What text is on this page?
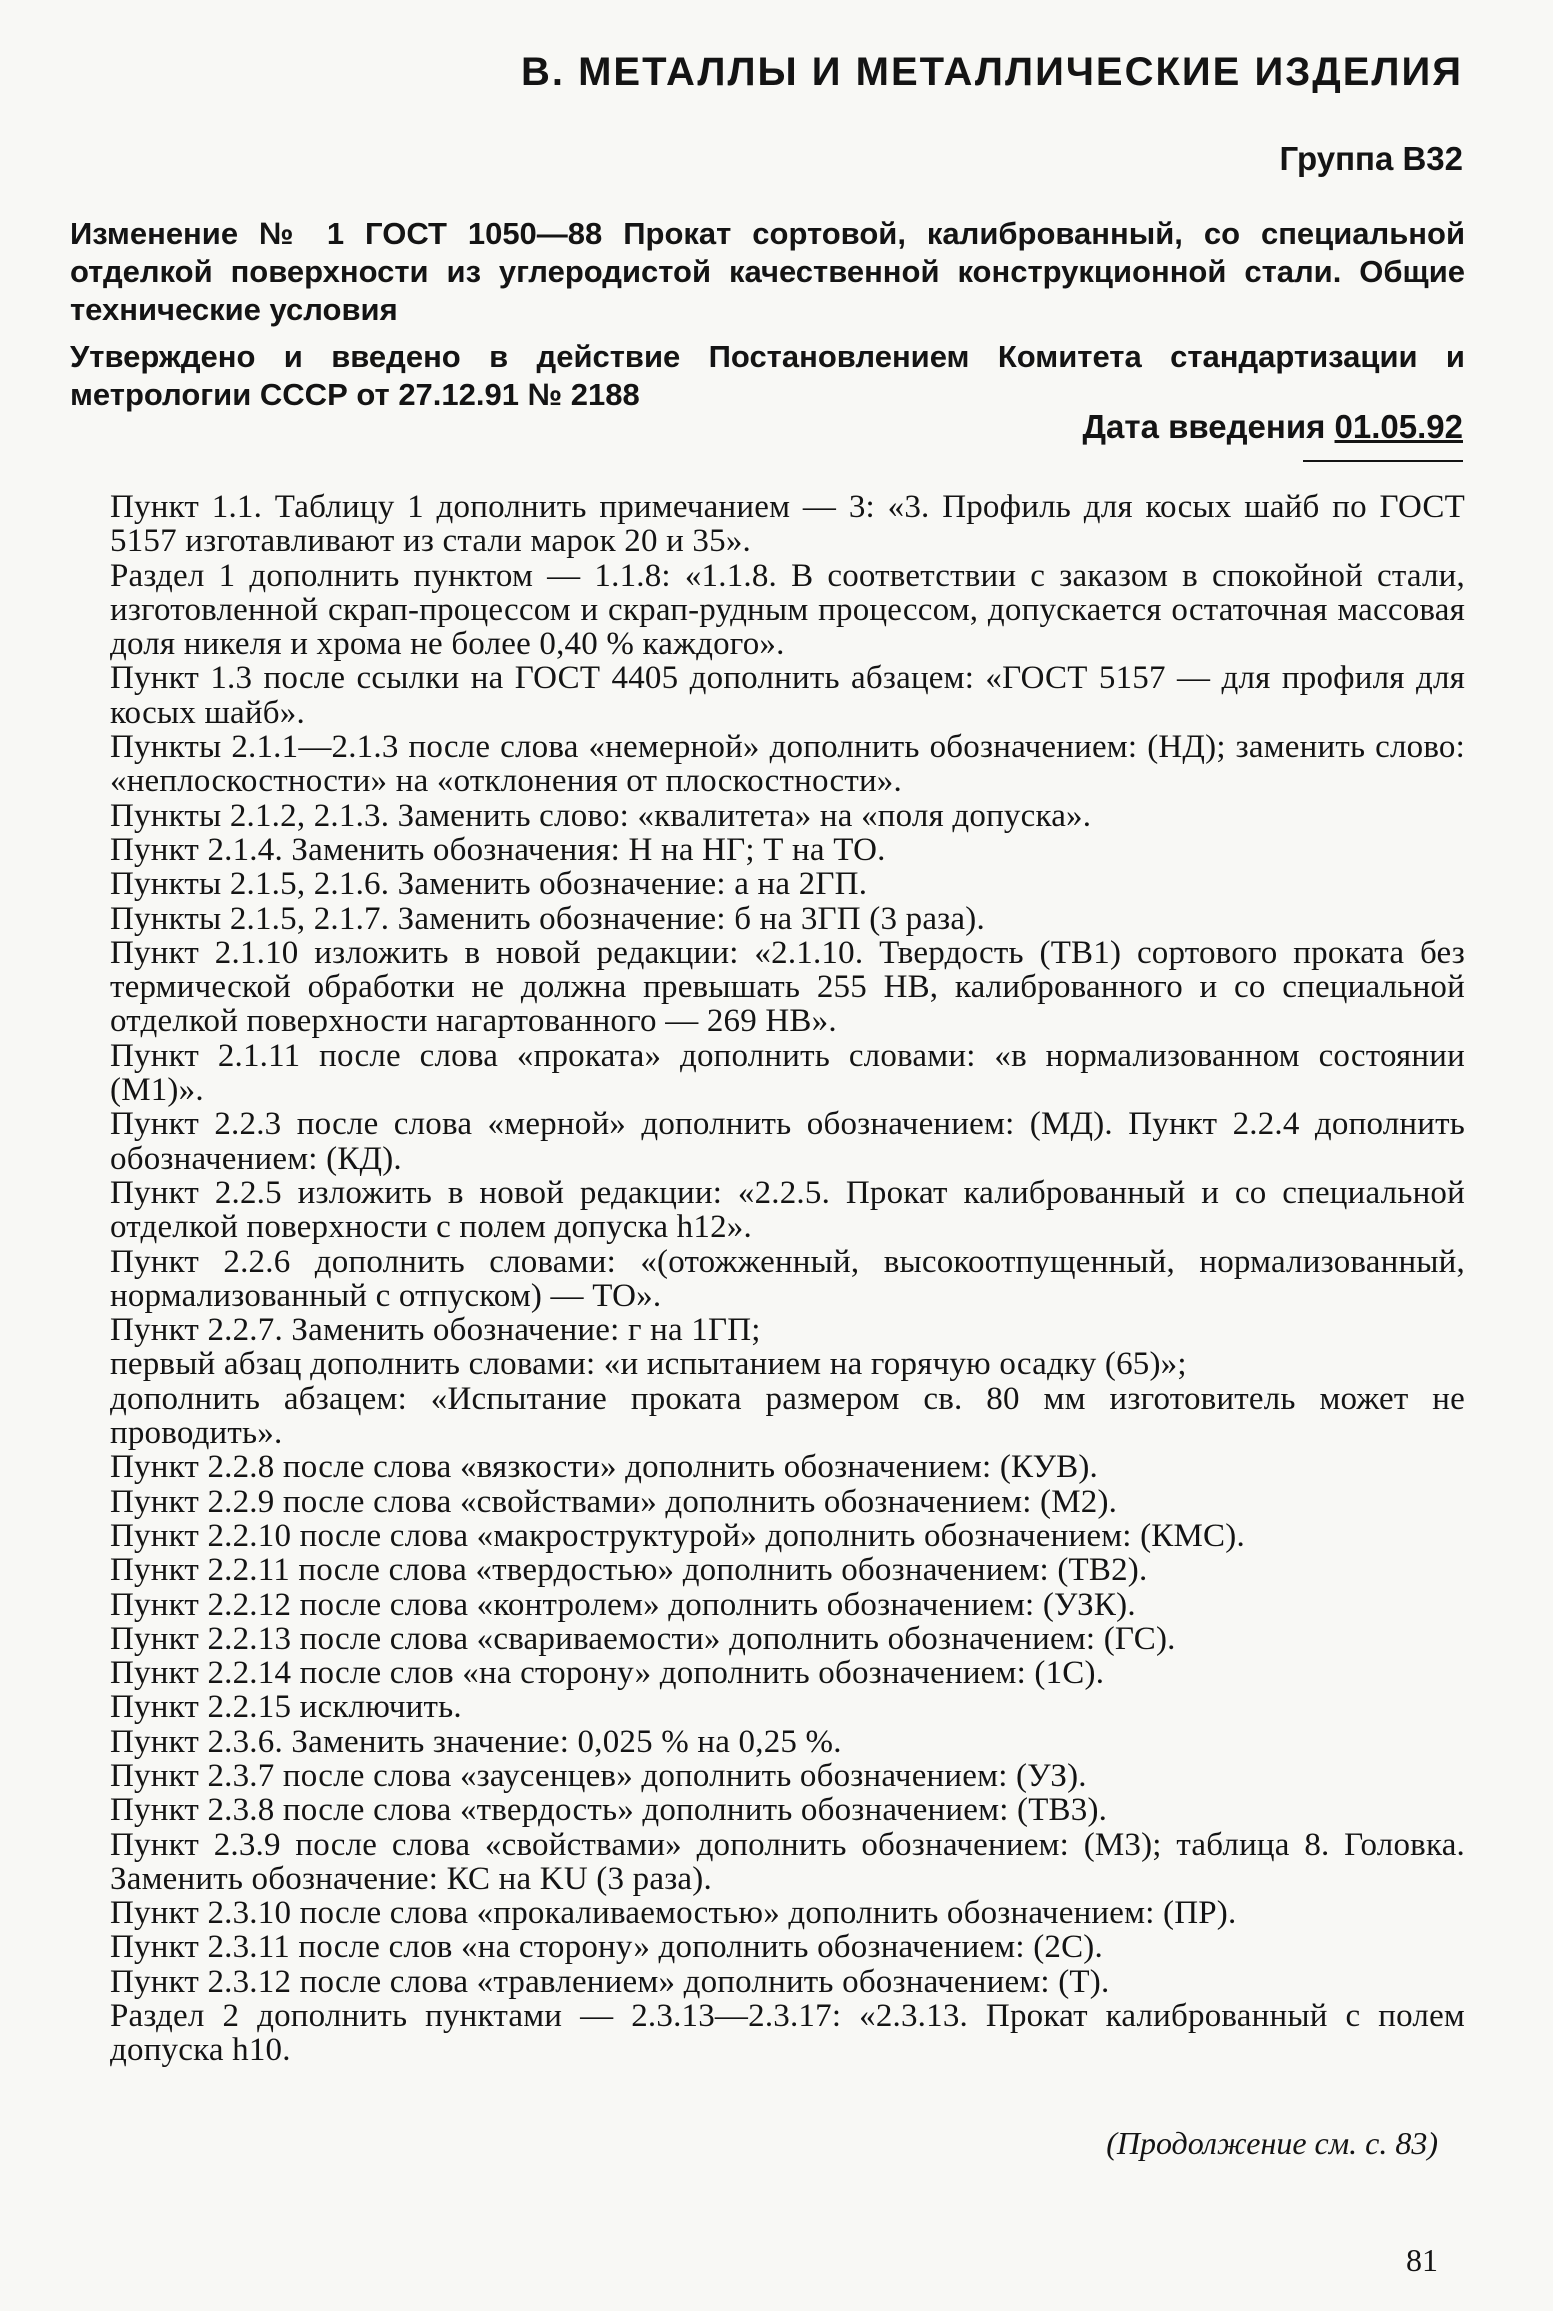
В. МЕТАЛЛЫ И МЕТАЛЛИЧЕСКИЕ ИЗДЕЛИЯ
Группа В32
Изменение № 1 ГОСТ 1050—88 Прокат сортовой, калиброванный, со специальной отделкой поверхности из углеродистой качественной конструкционной стали. Общие технические условия
Утверждено и введено в действие Постановлением Комитета стандартизации и метрологии СССР от 27.12.91 № 2188
Дата введения 01.05.92

Пункт 1.1. Таблицу 1 дополнить примечанием — 3: «3. Профиль для косых шайб по ГОСТ 5157 изготавливают из стали марок 20 и 35».

Раздел 1 дополнить пунктом — 1.1.8: «1.1.8. В соответствии с заказом в спокойной стали, изготовленной скрап-процессом и скрап-рудным процессом, допускается остаточная массовая доля никеля и хрома не более 0,40 % каждого».

Пункт 1.3 после ссылки на ГОСТ 4405 дополнить абзацем: «ГОСТ 5157 — для профиля для косых шайб».

Пункты 2.1.1—2.1.3 после слова «немерной» дополнить обозначением: (НД); заменить слово: «неплоскостности» на «отклонения от плоскостности».

Пункты 2.1.2, 2.1.3. Заменить слово: «квалитета» на «поля допуска».

Пункт 2.1.4. Заменить обозначения: Н на НГ; Т на ТО.

Пункты 2.1.5, 2.1.6. Заменить обозначение: а на 2ГП.

Пункты 2.1.5, 2.1.7. Заменить обозначение: б на 3ГП (3 раза).

Пункт 2.1.10 изложить в новой редакции: «2.1.10. Твердость (ТВ1) сортового проката без термической обработки не должна превышать 255 НВ, калиброванного и со специальной отделкой поверхности нагартованного — 269 НВ».

Пункт 2.1.11 после слова «проката» дополнить словами: «в нормализованном состоянии (М1)».

Пункт 2.2.3 после слова «мерной» дополнить обозначением: (МД). Пункт 2.2.4 дополнить обозначением: (КД).

Пункт 2.2.5 изложить в новой редакции: «2.2.5. Прокат калиброванный и со специальной отделкой поверхности с полем допуска h12».

Пункт 2.2.6 дополнить словами: «(отожженный, высокоотпущенный, нормализованный, нормализованный с отпуском) — ТО».

Пункт 2.2.7. Заменить обозначение: г на 1ГП;

первый абзац дополнить словами: «и испытанием на горячую осадку (65)»;

дополнить абзацем: «Испытание проката размером св. 80 мм изготовитель может не проводить».

Пункт 2.2.8 после слова «вязкости» дополнить обозначением: (КУВ).

Пункт 2.2.9 после слова «свойствами» дополнить обозначением: (М2).

Пункт 2.2.10 после слова «макроструктурой» дополнить обозначением: (КМС).

Пункт 2.2.11 после слова «твердостью» дополнить обозначением: (ТВ2).

Пункт 2.2.12 после слова «контролем» дополнить обозначением: (УЗК).

Пункт 2.2.13 после слова «свариваемости» дополнить обозначением: (ГС).

Пункт 2.2.14 после слов «на сторону» дополнить обозначением: (1С).

Пункт 2.2.15 исключить.

Пункт 2.3.6. Заменить значение: 0,025 % на 0,25 %.

Пункт 2.3.7 после слова «заусенцев» дополнить обозначением: (УЗ).

Пункт 2.3.8 после слова «твердость» дополнить обозначением: (ТВ3).

Пункт 2.3.9 после слова «свойствами» дополнить обозначением: (М3); таблица 8. Головка. Заменить обозначение: КС на KU (3 раза).

Пункт 2.3.10 после слова «прокаливаемостью» дополнить обозначением: (ПР).

Пункт 2.3.11 после слов «на сторону» дополнить обозначением: (2С).

Пункт 2.3.12 после слова «травлением» дополнить обозначением: (Т).

Раздел 2 дополнить пунктами — 2.3.13—2.3.17: «2.3.13. Прокат калиброванный с полем допуска h10.

(Продолжение см. с. 83)
81
